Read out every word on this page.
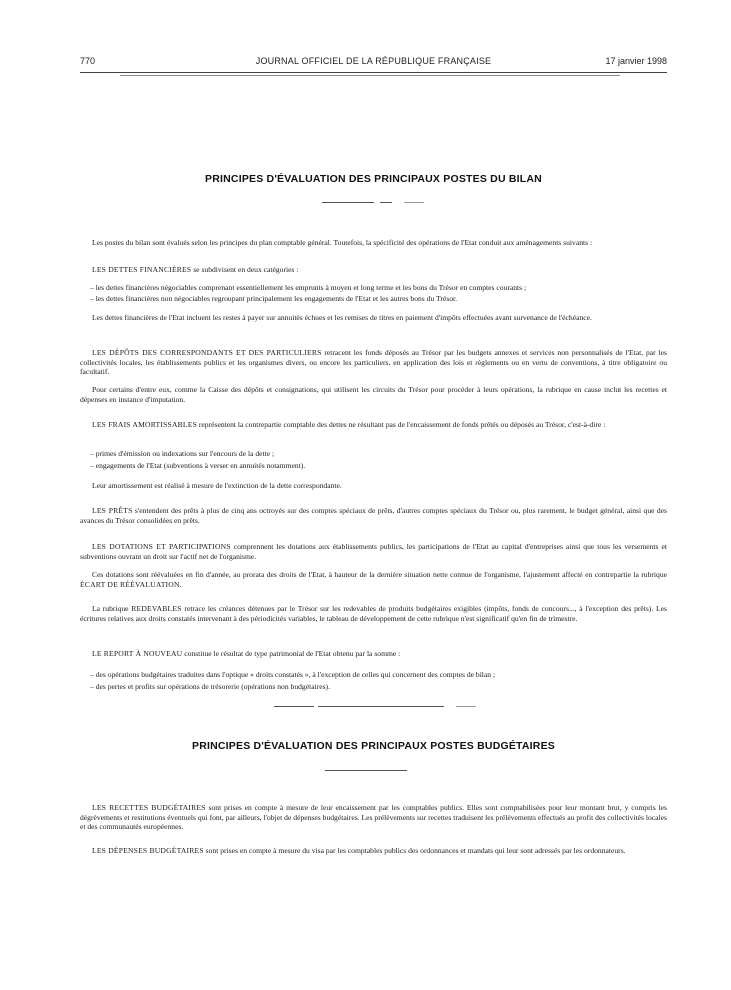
770	JOURNAL OFFICIEL DE LA RÉPUBLIQUE FRANÇAISE	17 janvier 1998
PRINCIPES D'ÉVALUATION DES PRINCIPAUX POSTES DU BILAN

Les postes du bilan sont évalués selon les principes du plan comptable général. Toutefois, la spécificité des opérations de l'Etat conduit aux aménagements suivants :

LES DETTES FINANCIÈRES se subdivisent en deux catégories :

– les dettes financières négociables comprenant essentiellement les emprunts à moyen et long terme et les bons du Trésor en comptes courants ;

– les dettes financières non négociables regroupant principalement les engagements de l'Etat et les autres bons du Trésor.

Les dettes financières de l'Etat incluent les restes à payer sur annuités échues et les remises de titres en paiement d'impôts effectuées avant survenance de l'échéance.

LES DÉPÔTS DES CORRESPONDANTS ET DES PARTICULIERS retracent les fonds déposés au Trésor par les budgets annexes et services non personnalisés de l'Etat, par les collectivités locales, les établissements publics et les organismes divers, ou encore les particuliers, en application des lois et règlements ou en vertu de conventions, à titre obligatoire ou facultatif.

Pour certains d'entre eux, comme la Caisse des dépôts et consignations, qui utilisent les circuits du Trésor pour procéder à leurs opérations, la rubrique en cause inclut les recettes et dépenses en instance d'imputation.

LES FRAIS AMORTISSABLES représentent la contrepartie comptable des dettes ne résultant pas de l'encaissement de fonds prêtés ou déposés au Trésor, c'est-à-dire :

– primes d'émission ou indexations sur l'encours de la dette ;

– engagements de l'Etat (subventions à verser en annuités notamment).

Leur amortissement est réalisé à mesure de l'extinction de la dette correspondante.

LES PRÊTS s'entendent des prêts à plus de cinq ans octroyés sur des comptes spéciaux de prêts, d'autres comptes spéciaux du Trésor ou, plus rarement, le budget général, ainsi que des avances du Trésor consolidées en prêts.

LES DOTATIONS ET PARTICIPATIONS comprennent les dotations aux établissements publics, les participations de l'Etat au capital d'entreprises ainsi que tous les versements et subventions ouvrant un droit sur l'actif net de l'organisme.

Ces dotations sont réévaluées en fin d'année, au prorata des droits de l'Etat, à hauteur de la dernière situation nette connue de l'organisme, l'ajustement affecté en contrepartie la rubrique ÉCART DE RÉÉVALUATION.

La rubrique REDEVABLES retrace les créances détenues par le Trésor sur les redevables de produits budgétaires exigibles (impôts, fonds de concours..., à l'exception des prêts). Les écritures relatives aux droits constatés intervenant à des périodicités variables, le tableau de développement de cette rubrique n'est significatif qu'en fin de trimestre.

LE REPORT À NOUVEAU constitue le résultat de type patrimonial de l'Etat obtenu par la somme :

– des opérations budgétaires traduites dans l'optique « droits constatés », à l'exception de celles qui concernent des comptes de bilan ;

– des pertes et profits sur opérations de trésorerie (opérations non budgétaires).

PRINCIPES D'ÉVALUATION DES PRINCIPAUX POSTES BUDGÉTAIRES

LES RECETTES BUDGÉTAIRES sont prises en compte à mesure de leur encaissement par les comptables publics. Elles sont comptabilisées pour leur montant brut, y compris les dégrèvements et restitutions éventuels qui font, par ailleurs, l'objet de dépenses budgétaires. Les prélèvements sur recettes traduisent les prélèvements effectués au profit des collectivités locales et des communautés européennes.

LES DÉPENSES BUDGÉTAIRES sont prises en compte à mesure du visa par les comptables publics des ordonnances et mandats qui leur sont adressés par les ordonnateurs.
